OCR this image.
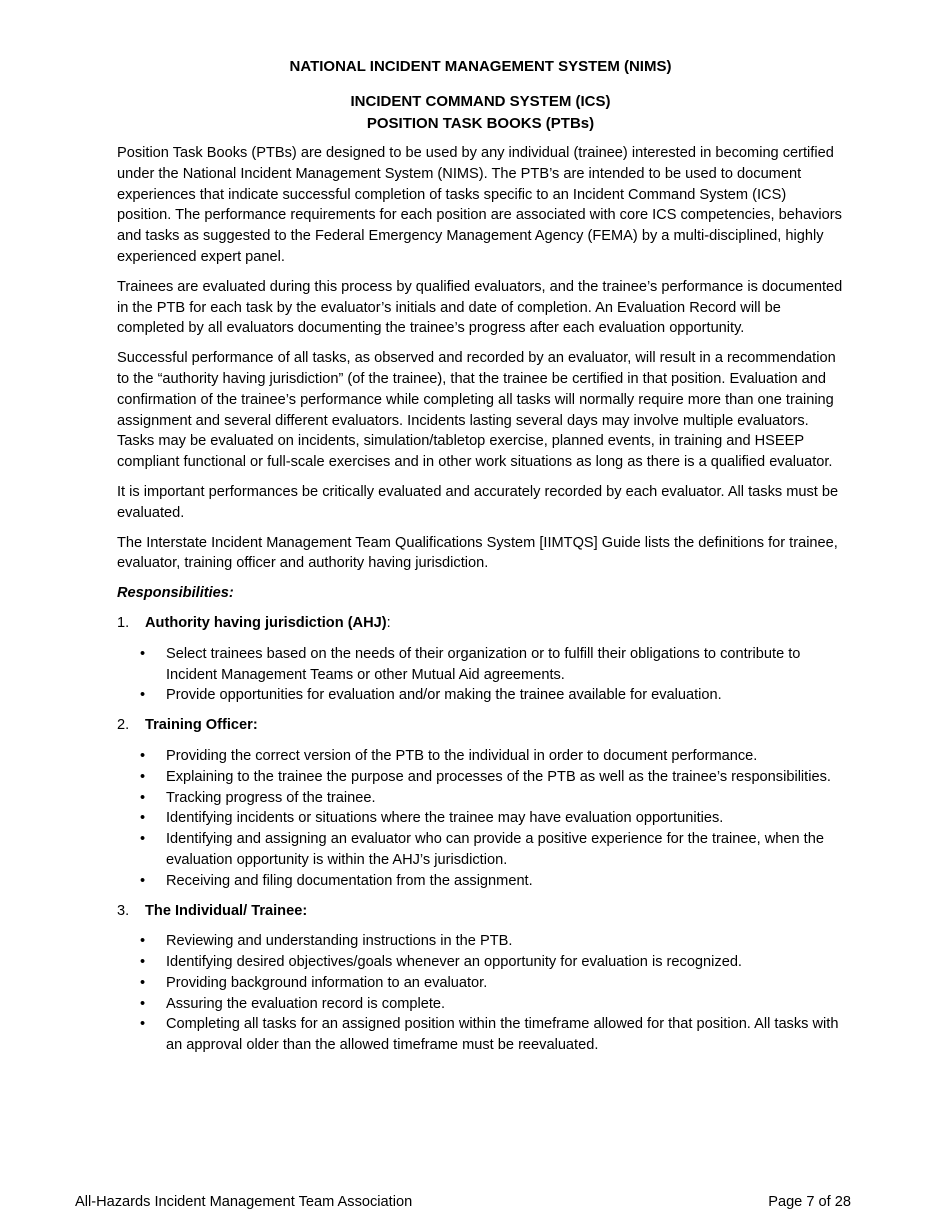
NATIONAL INCIDENT MANAGEMENT SYSTEM (NIMS)
INCIDENT COMMAND SYSTEM (ICS)
POSITION TASK BOOKS (PTBs)

Position Task Books (PTBs) are designed to be used by any individual (trainee) interested in becoming certified under the National Incident Management System (NIMS). The PTB’s are intended to be used to document experiences that indicate successful completion of tasks specific to an Incident Command System (ICS) position. The performance requirements for each position are associated with core ICS competencies, behaviors and tasks as suggested to the Federal Emergency Management Agency (FEMA) by a multi-disciplined, highly experienced expert panel.

Trainees are evaluated during this process by qualified evaluators, and the trainee’s performance is documented in the PTB for each task by the evaluator’s initials and date of completion. An Evaluation Record will be completed by all evaluators documenting the trainee’s progress after each evaluation opportunity.

Successful performance of all tasks, as observed and recorded by an evaluator, will result in a recommendation to the “authority having jurisdiction” (of the trainee), that the trainee be certified in that position. Evaluation and confirmation of the trainee’s performance while completing all tasks will normally require more than one training assignment and several different evaluators. Incidents lasting several days may involve multiple evaluators. Tasks may be evaluated on incidents, simulation/tabletop exercise, planned events, in training and HSEEP compliant functional or full-scale exercises and in other work situations as long as there is a qualified evaluator.

It is important performances be critically evaluated and accurately recorded by each evaluator. All tasks must be evaluated.

The Interstate Incident Management Team Qualifications System [IIMTQS] Guide lists the definitions for trainee, evaluator, training officer and authority having jurisdiction.

Responsibilities:
1.	Authority having jurisdiction (AHJ):
•	Select trainees based on the needs of their organization or to fulfill their obligations to contribute to Incident Management Teams or other Mutual Aid agreements.
•	Provide opportunities for evaluation and/or making the trainee available for evaluation.
2.	Training Officer:
•	Providing the correct version of the PTB to the individual in order to document performance.
•	Explaining to the trainee the purpose and processes of the PTB as well as the trainee’s responsibilities.
•	Tracking progress of the trainee.
•	Identifying incidents or situations where the trainee may have evaluation opportunities.
•	Identifying and assigning an evaluator who can provide a positive experience for the trainee, when the evaluation opportunity is within the AHJ’s jurisdiction.
•	Receiving and filing documentation from the assignment.
3.	The Individual/ Trainee:
•	Reviewing and understanding instructions in the PTB.
•	Identifying desired objectives/goals whenever an opportunity for evaluation is recognized.
•	Providing background information to an evaluator.
•	Assuring the evaluation record is complete.
•	Completing all tasks for an assigned position within the timeframe allowed for that position. All tasks with an approval older than the allowed timeframe must be reevaluated.
All-Hazards Incident Management Team Association	Page 7 of 28
